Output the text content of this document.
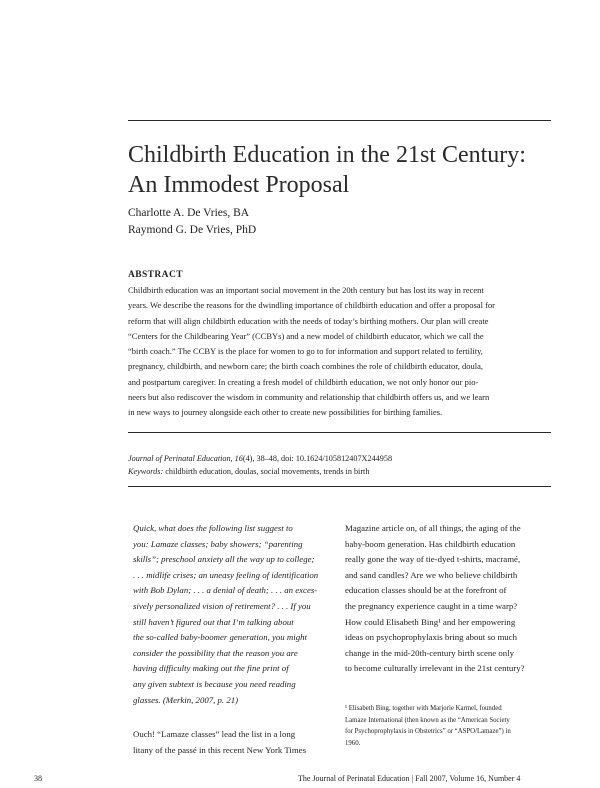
Childbirth Education in the 21st Century:
An Immodest Proposal
Charlotte A. De Vries, BA
Raymond G. De Vries, PhD
ABSTRACT
Childbirth education was an important social movement in the 20th century but has lost its way in recent
years. We describe the reasons for the dwindling importance of childbirth education and offer a proposal for
reform that will align childbirth education with the needs of today’s birthing mothers. Our plan will create
“Centers for the Childbearing Year” (CCBYs) and a new model of childbirth educator, which we call the
“birth coach.” The CCBY is the place for women to go to for information and support related to fertility,
pregnancy, childbirth, and newborn care; the birth coach combines the role of childbirth educator, doula,
and postpartum caregiver. In creating a fresh model of childbirth education, we not only honor our pio-
neers but also rediscover the wisdom in community and relationship that childbirth offers us, and we learn
in new ways to journey alongside each other to create new possibilities for birthing families.
Journal of Perinatal Education, 16(4), 38–48, doi: 10.1624/105812407X244958
Keywords: childbirth education, doulas, social movements, trends in birth
Quick, what does the following list suggest to
you: Lamaze classes; baby showers; “parenting
skills”; preschool anxiety all the way up to college;
. . . midlife crises; an uneasy feeling of identification
with Bob Dylan; . . . a denial of death; . . . an exces-
sively personalized vision of retirement? . . . If you
still haven’t figured out that I’m talking about
the so-called baby-boomer generation, you might
consider the possibility that the reason you are
having difficulty making out the fine print of
any given subtext is because you need reading
glasses. (Merkin, 2007, p. 21)
Ouch! “Lamaze classes” lead the list in a long
litany of the passé in this recent New York Times
Magazine article on, of all things, the aging of the
baby-boom generation. Has childbirth education
really gone the way of tie-dyed t-shirts, macramé,
and sand candles? Are we who believe childbirth
education classes should be at the forefront of
the pregnancy experience caught in a time warp?
How could Elisabeth Bing¹ and her empowering
ideas on psychoprophylaxis bring about so much
change in the mid-20th-century birth scene only
to become culturally irrelevant in the 21st century?
¹ Elisabeth Bing, together with Marjorie Karmel, founded
Lamaze International (then known as the “American Society
for Psychoprophylaxis in Obstetrics” or “ASPO/Lamaze”) in
1960.
38	The Journal of Perinatal Education | Fall 2007, Volume 16, Number 4
